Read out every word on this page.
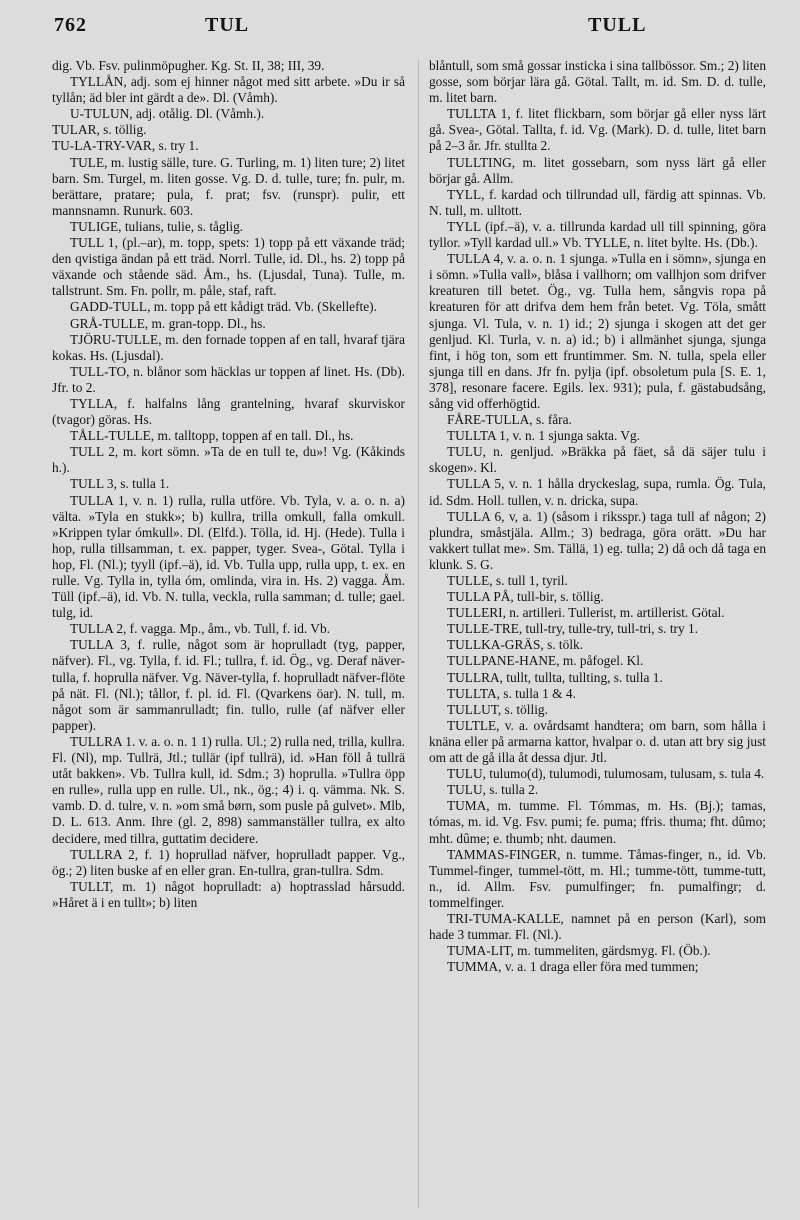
762	TUL	TULL

dig. Vb. Fsv. pulinmöpugher. Kg. St. II, 38; III, 39.

TYLLÅN, adj. som ej hinner något med sitt arbete. »Du ir så tyllån; äd bler int gärdt a de». Dl. (Våmh).

U-TULUN, adj. otålig. Dl. (Våmh.).

TULAR, s. töllig.

TU-LA-TRY-VAR, s. try 1.

TULE, m. lustig sälle, ture. G. Turling, m. 1) liten ture; 2) litet barn. Sm. Turgel, m. liten gosse. Vg. D. d. tulle, ture; fn. pulr, m. berättare, pratare; pula, f. prat; fsv. (runspr). pulir, ett mannsnamn. Runurk. 603.

TULIGE, tulians, tulie, s. tåglig.

TULL 1, (pl.–ar), m. topp, spets: 1) topp på ett växande träd; den qvistiga ändan på ett träd. Norrl. Tulle, id. Dl., hs. 2) topp på växande och stående säd. Åm., hs. (Ljusdal, Tuna). Tulle, m. tallstrunt. Sm. Fn. pollr, m. påle, staf, raft.

GADD-TULL, m. topp på ett kådigt träd. Vb. (Skellefte).

GRÅ-TULLE, m. gran-topp. Dl., hs.

TJÖRU-TULLE, m. den fornade toppen af en tall, hvaraf tjära kokas. Hs. (Ljusdal).

TULL-TO, n. blånor som häcklas ur toppen af linet. Hs. (Db). Jfr. to 2.

TYLLA, f. halfalns lång grantelning, hvaraf skurviskor (tvagor) göras. Hs.

TÅLL-TULLE, m. talltopp, toppen af en tall. Dl., hs.

TULL 2, m. kort sömn. »Ta de en tull te, du»! Vg. (Kåkinds h.).

TULL 3, s. tulla 1.

TULLA 1, v. n. 1) rulla, rulla utföre. Vb. Tyla, v. a. o. n. a) välta. »Tyla en stukk»; b) kullra, trilla omkull, falla omkull. »Krippen tylar ómkull». Dl. (Elfd.). Tölla, id. Hj. (Hede). Tulla i hop, rulla tillsamman, t. ex. papper, tyger. Svea-, Götal. Tylla i hop, Fl. (Nl.); tyyll (ipf.–ä), id. Vb. Tulla upp, rulla upp, t. ex. en rulle. Vg. Tylla in, tylla óm, omlinda, vira in. Hs. 2) vagga. Åm. Tüll (ipf.–ä), id. Vb. N. tulla, veckla, rulla samman; d. tulle; gael. tulg, id.

TULLA 2, f. vagga. Mp., åm., vb. Tull, f. id. Vb.

TULLA 3, f. rulle, något som är hoprulladt (tyg, papper, näfver). Fl., vg. Tylla, f. id. Fl.; tullra, f. id. Ög., vg. Deraf näver-tulla, f. hoprulla näfver. Vg. Näver-tylla, f. hoprulladt näfver-flöte på nät. Fl. (Nl.); tållor, f. pl. id. Fl. (Qvarkens öar). N. tull, m. något som är sammanrulladt; fin. tullo, rulle (af näfver eller papper).

TULLRA 1. v. a. o. n. 1 1) rulla. Ul.; 2) rulla ned, trilla, kullra. Fl. (Nl), mp. Tullrä, Jtl.; tullär (ipf tullrä), id. »Han föll å tullrä utåt bakken». Vb. Tullra kull, id. Sdm.; 3) hoprulla. »Tullra öpp en rulle», rulla upp en rulle. Ul., nk., ög.; 4) i. q. vämma. Nk. S. vamb. D. d. tulre, v. n. »om små børn, som pusle på gulvet». Mlb, D. L. 613. Anm. Ihre (gl. 2, 898) sammanställer tullra, ex alto decidere, med tillra, guttatim decidere.

TULLRA 2, f. 1) hoprullad näfver, hoprulladt papper. Vg., ög.; 2) liten buske af en eller gran. En-tullra, gran-tullra. Sdm.

TULLT, m. 1) något hoprulladt: a) hoptrasslad hårsudd. »Håret ä i en tullt»; b) liten

blåntull, som små gossar insticka i sina tallbössor. Sm.; 2) liten gosse, som börjar lära gå. Götal. Tallt, m. id. Sm. D. d. tulle, m. litet barn.

TULLTA 1, f. litet flickbarn, som börjar gå eller nyss lärt gå. Svea-, Götal. Tallta, f. id. Vg. (Mark). D. d. tulle, litet barn på 2–3 år. Jfr. stullta 2.

TULLTING, m. litet gossebarn, som nyss lärt gå eller börjar gå. Allm.

TYLL, f. kardad och tillrundad ull, färdig att spinnas. Vb. N. tull, m. ulltott.

TYLL (ipf.–ä), v. a. tillrunda kardad ull till spinning, göra tyllor. »Tyll kardad ull.» Vb. TYLLE, n. litet bylte. Hs. (Db.).

TULLA 4, v. a. o. n. 1 sjunga. »Tulla en i sömn», sjunga en i sömn. »Tulla vall», blåsa i vallhorn; om vallhjon som drifver kreaturen till betet. Ög., vg. Tulla hem, sångvis ropa på kreaturen för att drifva dem hem från betet. Vg. Töla, smått sjunga. Vl. Tula, v. n. 1) id.; 2) sjunga i skogen att det ger genljud. Kl. Turla, v. n. a) id.; b) i allmänhet sjunga, sjunga fint, i hög ton, som ett fruntimmer. Sm. N. tulla, spela eller sjunga till en dans. Jfr fn. pylja (ipf. obsoletum pula [S. E. 1, 378], resonare facere. Egils. lex. 931); pula, f. gästabudsång, sång vid offerhögtid.

FÅRE-TULLA, s. fåra.

TULLTA 1, v. n. 1 sjunga sakta. Vg.

TULU, n. genljud. »Bräkka på fäet, så dä säjer tulu i skogen». Kl.

TULLA 5, v. n. 1 hålla dryckeslag, supa, rumla. Ög. Tula, id. Sdm. Holl. tullen, v. n. dricka, supa.

TULLA 6, v, a. 1) (såsom i riksspr.) taga tull af någon; 2) plundra, småstjäla. Allm.; 3) bedraga, göra orätt. »Du har vakkert tullat me». Sm. Tällä, 1) eg. tulla; 2) då och då taga en klunk. S. G.

TULLE, s. tull 1, tyril.

TULLA PÅ, tull-bir, s. töllig.

TULLERI, n. artilleri. Tullerist, m. artillerist. Götal.

TULLE-TRE, tull-try, tulle-try, tull-tri, s. try 1.

TULLKA-GRÄS, s. tölk.

TULLPANE-HANE, m. påfogel. Kl.

TULLRA, tullt, tullta, tullting, s. tulla 1.

TULLTA, s. tulla 1 & 4.

TULLUT, s. töllig.

TULTLE, v. a. ovårdsamt handtera; om barn, som hålla i knäna eller på armarna kattor, hvalpar o. d. utan att bry sig just om att de gå illa åt dessa djur. Jtl.

TULU, tulumo(d), tulumodi, tulumosam, tulusam, s. tula 4.

TULU, s. tulla 2.

TUMA, m. tumme. Fl. Tómmas, m. Hs. (Bj.); tamas, tómas, m. id. Vg. Fsv. pumi; fe. puma; ffris. thuma; fht. dûmo; mht. dûme; e. thumb; nht. daumen.

TAMMAS-FINGER, n. tumme. Tåmas-finger, n., id. Vb. Tummel-finger, tummel-tött, m. Hl.; tumme-tött, tumme-tutt, n., id. Allm. Fsv. pumulfinger; fn. pumalfingr; d. tommelfinger.

TRI-TUMA-KALLE, namnet på en person (Karl), som hade 3 tummar. Fl. (Nl.).

TUMA-LIT, m. tummeliten, gärdsmyg. Fl. (Öb.).

TUMMA, v. a. 1 draga eller föra med tummen;
